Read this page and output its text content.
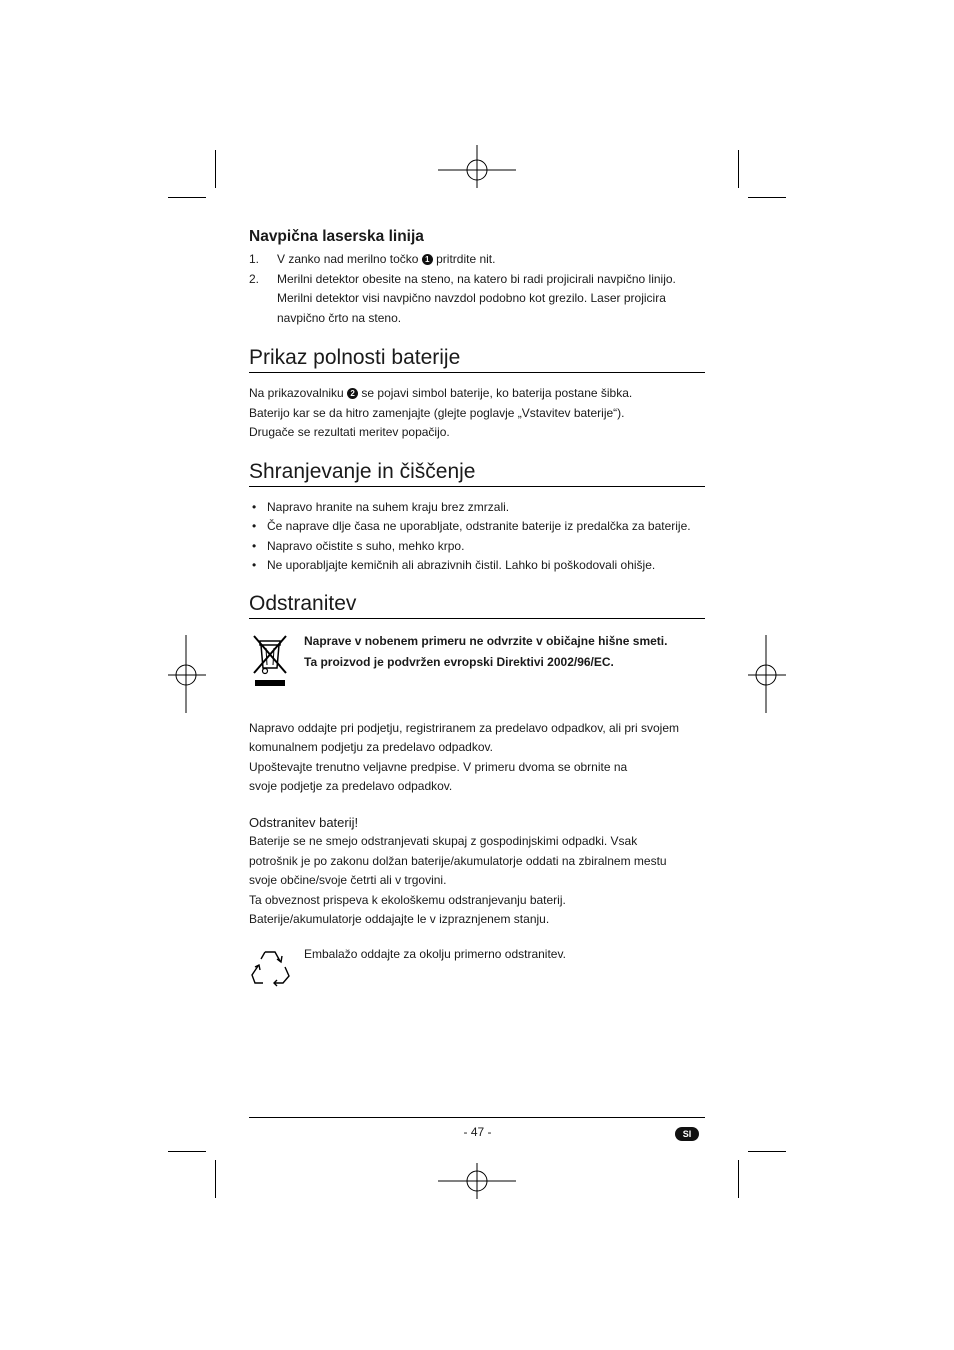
Navpična laserska linija
1. V zanko nad merilno točko 1 pritrdite nit.
2. Merilni detektor obesite na steno, na katero bi radi projicirali navpično linijo. Merilni detektor visi navpično navzdol podobno kot grezilo. Laser projicira navpično črto na steno.
Prikaz polnosti baterije
Na prikazovalniku 2 se pojavi simbol baterije, ko baterija postane šibka.
Baterijo kar se da hitro zamenjajte (glejte poglavje „Vstavitev baterije“).
Drugače se rezultati meritev popačijo.
Shranjevanje in čiščenje
• Napravo hranite na suhem kraju brez zmrzali.
• Če naprave dlje časa ne uporabljate, odstranite baterije iz predalčka za baterije.
• Napravo očistite s suho, mehko krpo.
• Ne uporabljajte kemičnih ali abrazivnih čistil. Lahko bi poškodovali ohišje.
Odstranitev
Naprave v nobenem primeru ne odvrzite v običajne hišne smeti.
Ta proizvod je podvržen evropski Direktivi 2002/96/EC.
Napravo oddajte pri podjetju, registriranem za predelavo odpadkov, ali pri svojem komunalnem podjetju za predelavo odpadkov.
Upoštevajte trenutno veljavne predpise. V primeru dvoma se obrnite na svoje podjetje za predelavo odpadkov.
Odstranitev baterij!
Baterije se ne smejo odstranjevati skupaj z gospodinjskimi odpadki. Vsak potrošnik je po zakonu dolžan baterije/akumulatorje oddati na zbiralnem mestu svoje občine/svoje četrti ali v trgovini.
Ta obveznost prispeva k ekološkemu odstranjevanju baterij.
Baterije/akumulatorje oddajajte le v izpraznjenem stanju.
Embalažo oddajte za okolju primerno odstranitev.
- 47 -	SI
